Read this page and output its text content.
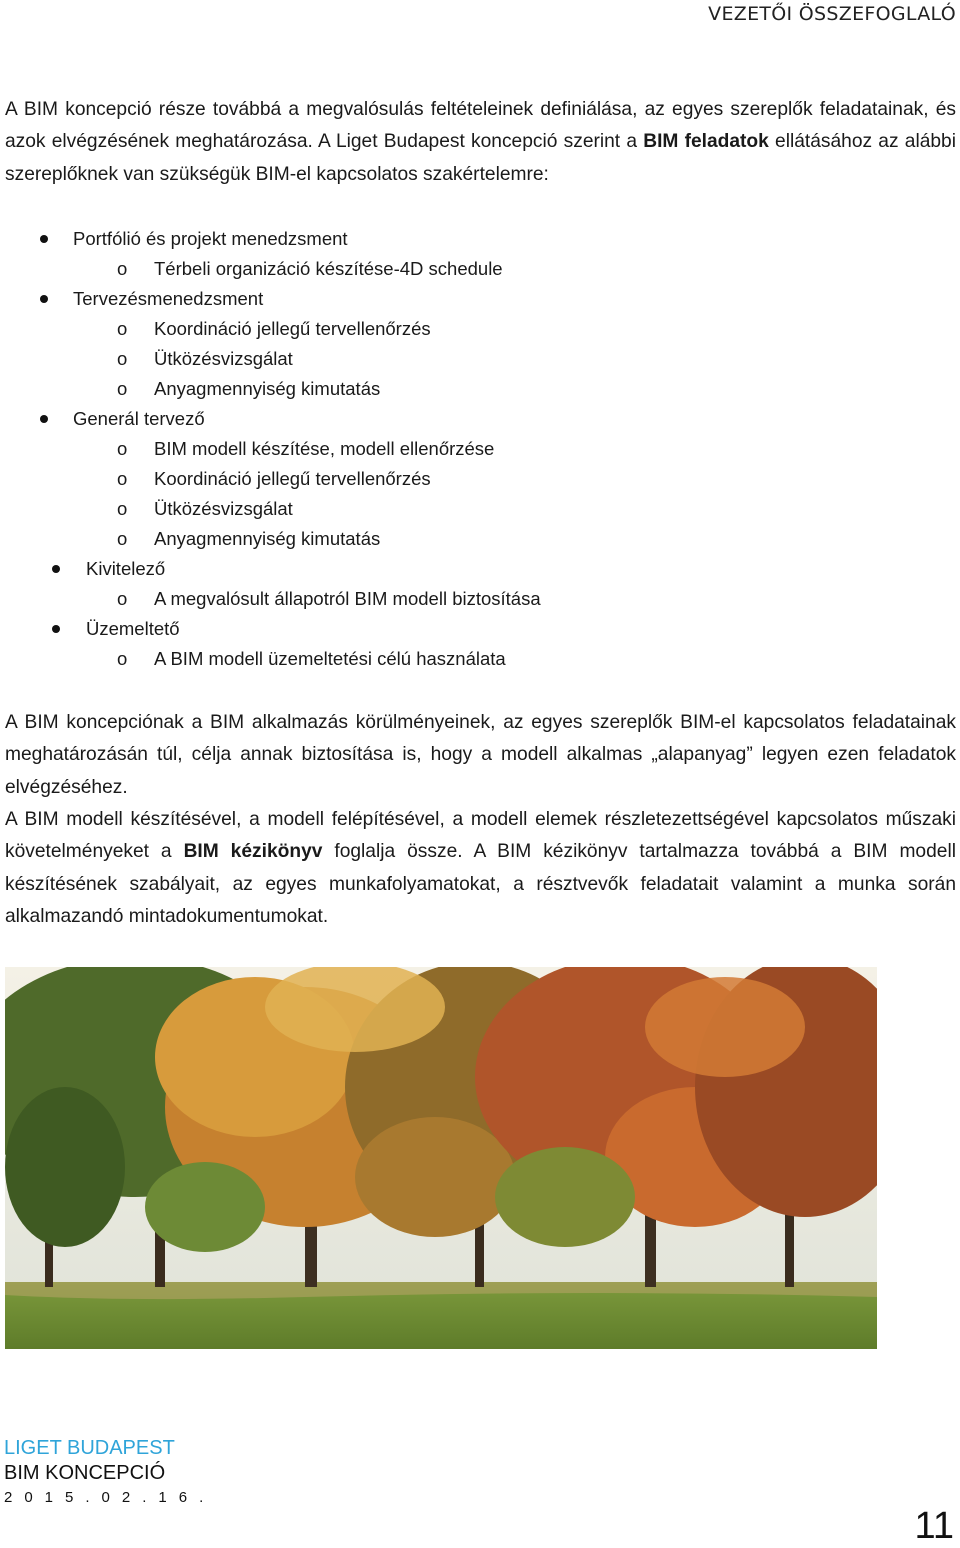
VEZETŐI ÖSSZEFOGLALÓ

A BIM koncepció része továbbá a megvalósulás feltételeinek definiálása, az egyes szereplők feladatainak, és azok elvégzésének meghatározása. A Liget Budapest koncepció szerint a BIM feladatok ellátásához az alábbi szereplőknek van szükségük BIM-el kapcsolatos szakértelemre:

Portfólió és projekt menedzsment
o Térbeli organizáció készítése-4D schedule
Tervezésmenedzsment
o Koordináció jellegű tervellenőrzés
o Ütközésvizsgálat
o Anyagmennyiség kimutatás
Generál tervező
o BIM modell készítése, modell ellenőrzése
o Koordináció jellegű tervellenőrzés
o Ütközésvizsgálat
o Anyagmennyiség kimutatás
Kivitelező
o A megvalósult állapotról BIM modell biztosítása
Üzemeltető
o A BIM modell üzemeltetési célú használata

A BIM koncepciónak a BIM alkalmazás körülményeinek, az egyes szereplők BIM-el kapcsolatos feladatainak meghatározásán túl, célja annak biztosítása is, hogy a modell alkalmas „alapanyag” legyen ezen feladatok elvégzéséhez.

A BIM modell készítésével, a modell felépítésével, a modell elemek részletezettségével kapcsolatos műszaki követelményeket a BIM kézikönyv foglalja össze. A BIM kézikönyv tartalmazza továbbá a BIM modell készítésének szabályait, az egyes munkafolyamatokat, a résztvevők feladatait valamint a munka során alkalmazandó mintadokumentumokat.

LIGET BUDAPEST
BIM KONCEPCIÓ
2015.02.16.
11
